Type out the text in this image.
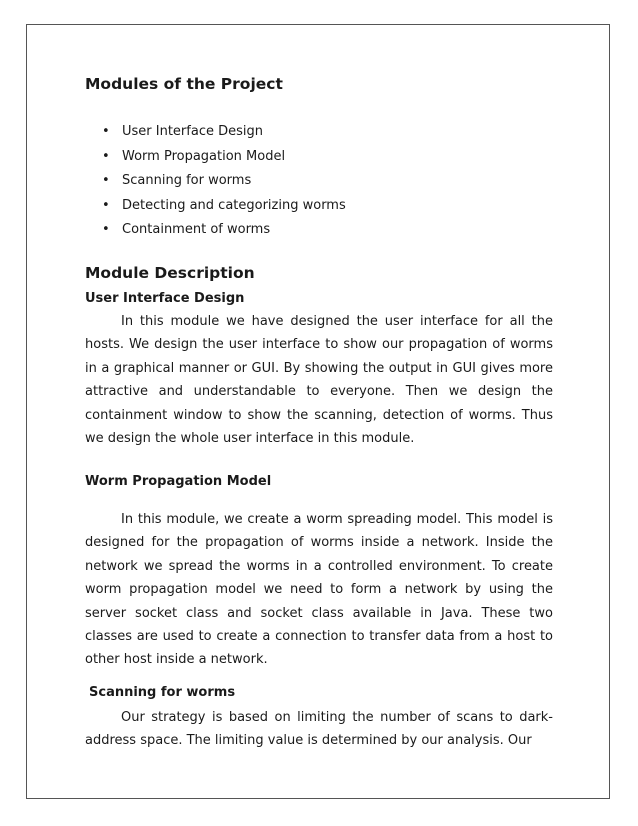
Modules of the Project
• User Interface Design
• Worm Propagation Model
• Scanning for worms
• Detecting and categorizing worms
• Containment of worms
Module Description
User Interface Design

In this module we have designed the user interface for all the hosts. We design the user interface to show our propagation of worms in a graphical manner or GUI. By showing the output in GUI gives more attractive and understandable to everyone. Then we design the containment window to show the scanning, detection of worms. Thus we design the whole user interface in this module.

Worm Propagation Model

In this module, we create a worm spreading model. This model is designed for the propagation of worms inside a network. Inside the network we spread the worms in a controlled environment. To create worm propagation model we need to form a network by using the server socket class and socket class available in Java. These two classes are used to create a connection to transfer data from a host to other host inside a network.

Scanning for worms

Our strategy is based on limiting the number of scans to dark-address space. The limiting value is determined by our analysis. Our
